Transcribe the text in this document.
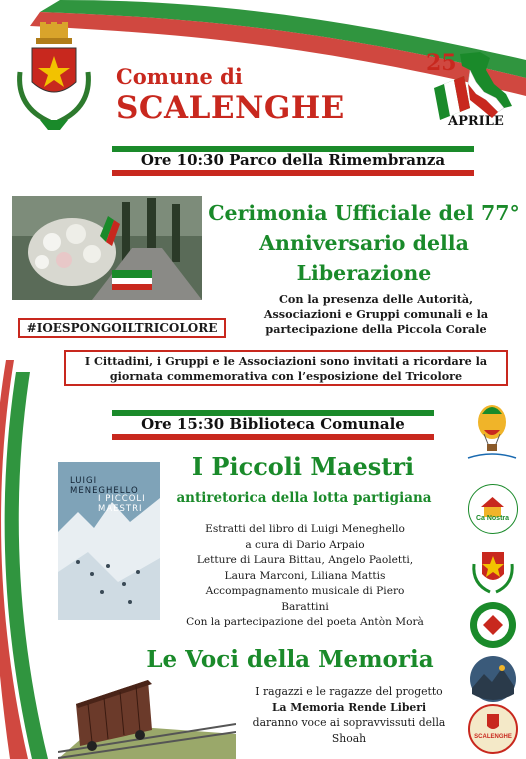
Comune di
SCALENGHE
25
APRILE
Ore 10:30 Parco della Rimembranza
Cerimonia Ufficiale del 77° Anniversario della Liberazione
Con la presenza delle Autorità, Associazioni e Gruppi comunali e la partecipazione della Piccola Corale
#IOESPONGOILTRICOLORE
I Cittadini, i Gruppi e le Associazioni sono invitati a ricordare la giornata commemorativa con l’esposizione del Tricolore
Ore 15:30 Biblioteca Comunale
LUIGI MENEGHELLO
I PICCOLI MAESTRI
I Piccoli Maestri
antiretorica della lotta partigiana
Estratti del libro di Luigi Meneghello
a cura di Dario Arpaio
Letture di Laura Bittau, Angelo Paoletti,
Laura Marconi, Liliana Mattis
Accompagnamento musicale di Piero Barattini
Con la partecipazione del poeta Antòn Morà
Le Voci della Memoria
I ragazzi e le ragazze del progetto
La Memoria Rende Liberi
daranno voce ai sopravvissuti della Shoah
Ca Nostra
SCALENGHE
